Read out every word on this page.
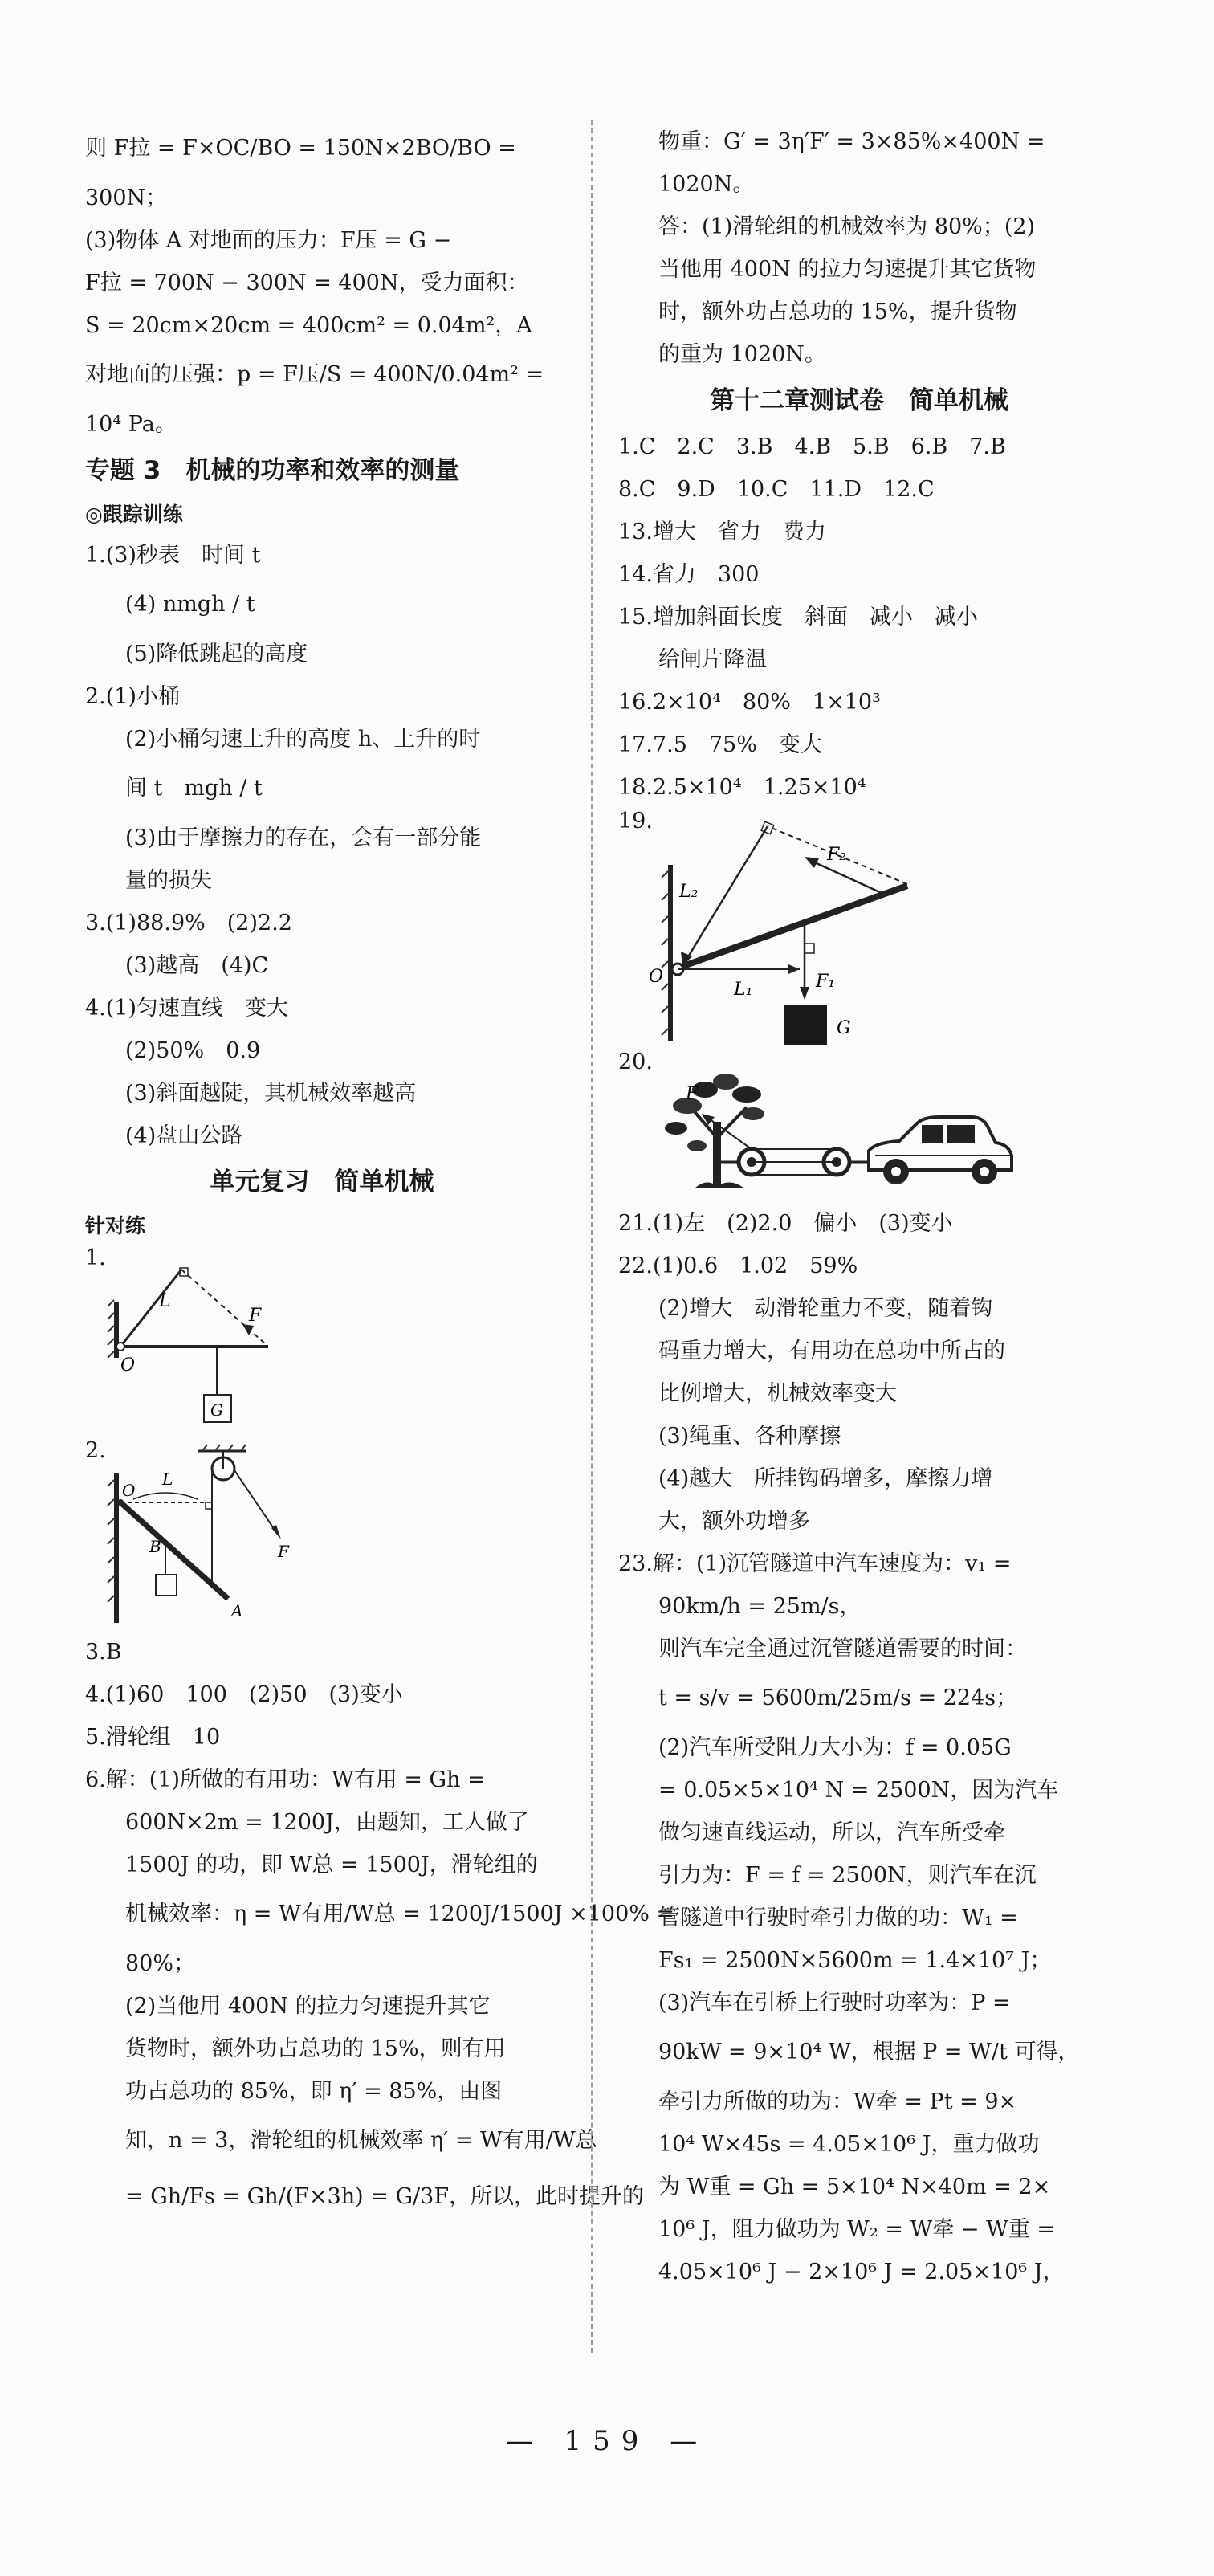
则 F拉 = F×OC/BO = 150N×2BO/BO =
300N；
(3)物体 A 对地面的压力：F压 = G −
F拉 = 700N − 300N = 400N，受力面积：
S = 20cm×20cm = 400cm² = 0.04m²，A
对地面的压强：p = F压/S = 400N/0.04m² =
10⁴ Pa。
专题 3　机械的功率和效率的测量
◎跟踪训练
1.(3)秒表　时间 t
(4) nmgh / t
(5)降低跳起的高度
2.(1)小桶
(2)小桶匀速上升的高度 h、上升的时
间 t　mgh / t
(3)由于摩擦力的存在，会有一部分能
量的损失
3.(1)88.9%　(2)2.2
(3)越高　(4)C
4.(1)匀速直线　变大
(2)50%　0.9
(3)斜面越陡，其机械效率越高
(4)盘山公路
单元复习　简单机械
针对练
1.
L
F
O
G
2.
O
L
B
A
F
3.B
4.(1)60　100　(2)50　(3)变小
5.滑轮组　10
6.解：(1)所做的有用功：W有用 = Gh =
600N×2m = 1200J，由题知，工人做了
1500J 的功，即 W总 = 1500J，滑轮组的
机械效率：η = W有用/W总 = 1200J/1500J ×100% =
80%；
(2)当他用 400N 的拉力匀速提升其它
货物时，额外功占总功的 15%，则有用
功占总功的 85%，即 η′ = 85%，由图
知，n = 3，滑轮组的机械效率 η′ = W有用/W总
= Gh/Fs = Gh/(F×3h) = G/3F，所以，此时提升的
物重：G′ = 3η′F′ = 3×85%×400N =
1020N。
答：(1)滑轮组的机械效率为 80%；(2)
当他用 400N 的拉力匀速提升其它货物
时，额外功占总功的 15%，提升货物
的重为 1020N。
第十二章测试卷　简单机械
1.C　2.C　3.B　4.B　5.B　6.B　7.B
8.C　9.D　10.C　11.D　12.C
13.增大　省力　费力
14.省力　300
15.增加斜面长度　斜面　减小　减小
给闸片降温
16.2×10⁴　80%　1×10³
17.7.5　75%　变大
18.2.5×10⁴　1.25×10⁴
19.
L₂
F₂
O
L₁	F₁
G
20.
F
21.(1)左　(2)2.0　偏小　(3)变小
22.(1)0.6　1.02　59%
(2)增大　动滑轮重力不变，随着钩
码重力增大，有用功在总功中所占的
比例增大，机械效率变大
(3)绳重、各种摩擦
(4)越大　所挂钩码增多，摩擦力增
大，额外功增多
23.解：(1)沉管隧道中汽车速度为：v₁ =
90km/h = 25m/s，
则汽车完全通过沉管隧道需要的时间：
t = s/v = 5600m/25m/s = 224s；
(2)汽车所受阻力大小为：f = 0.05G
= 0.05×5×10⁴ N = 2500N，因为汽车
做匀速直线运动，所以，汽车所受牵
引力为：F = f = 2500N，则汽车在沉
管隧道中行驶时牵引力做的功：W₁ =
Fs₁ = 2500N×5600m = 1.4×10⁷ J；
(3)汽车在引桥上行驶时功率为：P =
90kW = 9×10⁴ W，根据 P = W/t 可得，
牵引力所做的功为：W牵 = Pt = 9×
10⁴ W×45s = 4.05×10⁶ J，重力做功
为 W重 = Gh = 5×10⁴ N×40m = 2×
10⁶ J，阻力做功为 W₂ = W牵 − W重 =
4.05×10⁶ J − 2×10⁶ J = 2.05×10⁶ J，
— 159 —
